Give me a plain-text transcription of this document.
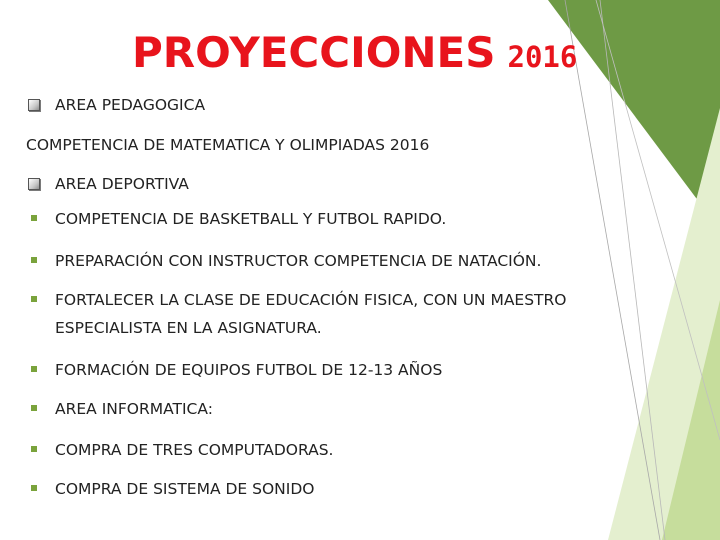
PROYECCIONES 2016
AREA PEDAGOGICA
COMPETENCIA DE MATEMATICA Y OLIMPIADAS 2016
AREA DEPORTIVA
COMPETENCIA DE BASKETBALL Y FUTBOL RAPIDO.
PREPARACIÓN CON INSTRUCTOR COMPETENCIA DE NATACIÓN.
FORTALECER LA CLASE DE EDUCACIÓN FISICA, CON UN MAESTRO
ESPECIALISTA EN LA ASIGNATURA.
FORMACIÓN DE EQUIPOS FUTBOL DE 12-13 AÑOS
AREA INFORMATICA:
COMPRA DE TRES COMPUTADORAS.
COMPRA DE SISTEMA DE SONIDO
